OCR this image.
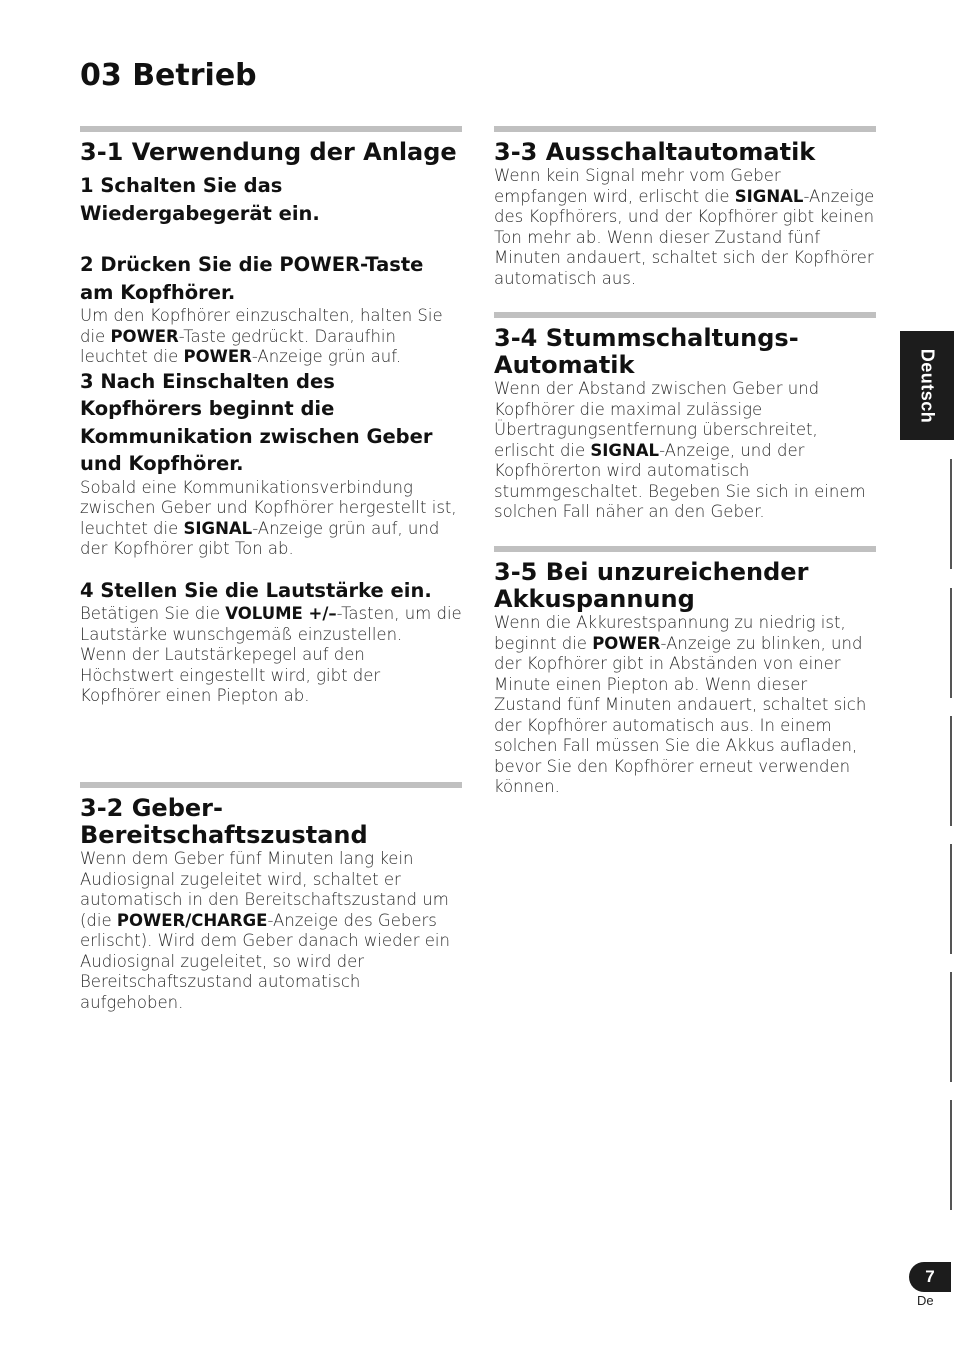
03 Betrieb
3-1 Verwendung der Anlage
1 Schalten Sie das Wiedergabegerät ein.
2 Drücken Sie die POWER-Taste am Kopfhörer.

Um den Kopfhörer einzuschalten, halten Sie die POWER-Taste gedrückt. Daraufhin leuchtet die POWER-Anzeige grün auf.

3 Nach Einschalten des Kopfhörers beginnt die Kommunikation zwischen Geber und Kopfhörer.

Sobald eine Kommunikationsverbindung zwischen Geber und Kopfhörer hergestellt ist, leuchtet die SIGNAL-Anzeige grün auf, und der Kopfhörer gibt Ton ab.

4 Stellen Sie die Lautstärke ein.

Betätigen Sie die VOLUME +/–-Tasten, um die Lautstärke wunschgemäß einzustellen.

Wenn der Lautstärkepegel auf den Höchstwert eingestellt wird, gibt der Kopfhörer einen Piepton ab.

3-2 Geber-Bereitschaftszustand

Wenn dem Geber fünf Minuten lang kein Audiosignal zugeleitet wird, schaltet er automatisch in den Bereitschaftszustand um (die POWER/CHARGE-Anzeige des Gebers erlischt). Wird dem Geber danach wieder ein Audiosignal zugeleitet, so wird der Bereitschaftszustand automatisch aufgehoben.

3-3 Ausschaltautomatik

Wenn kein Signal mehr vom Geber empfangen wird, erlischt die SIGNAL-Anzeige des Kopfhörers, und der Kopfhörer gibt keinen Ton mehr ab. Wenn dieser Zustand fünf Minuten andauert, schaltet sich der Kopfhörer automatisch aus.

3-4 Stummschaltungs-Automatik

Wenn der Abstand zwischen Geber und Kopfhörer die maximal zulässige Übertragungsentfernung überschreitet, erlischt die SIGNAL-Anzeige, und der Kopfhörerton wird automatisch stummgeschaltet. Begeben Sie sich in einem solchen Fall näher an den Geber.

3-5 Bei unzureichender Akkuspannung

Wenn die Akkurestspannung zu niedrig ist, beginnt die POWER-Anzeige zu blinken, und der Kopfhörer gibt in Abständen von einer Minute einen Piepton ab. Wenn dieser Zustand fünf Minuten andauert, schaltet sich der Kopfhörer automatisch aus. In einem solchen Fall müssen Sie die Akkus aufladen, bevor Sie den Kopfhörer erneut verwenden können.

Deutsch
7
De
